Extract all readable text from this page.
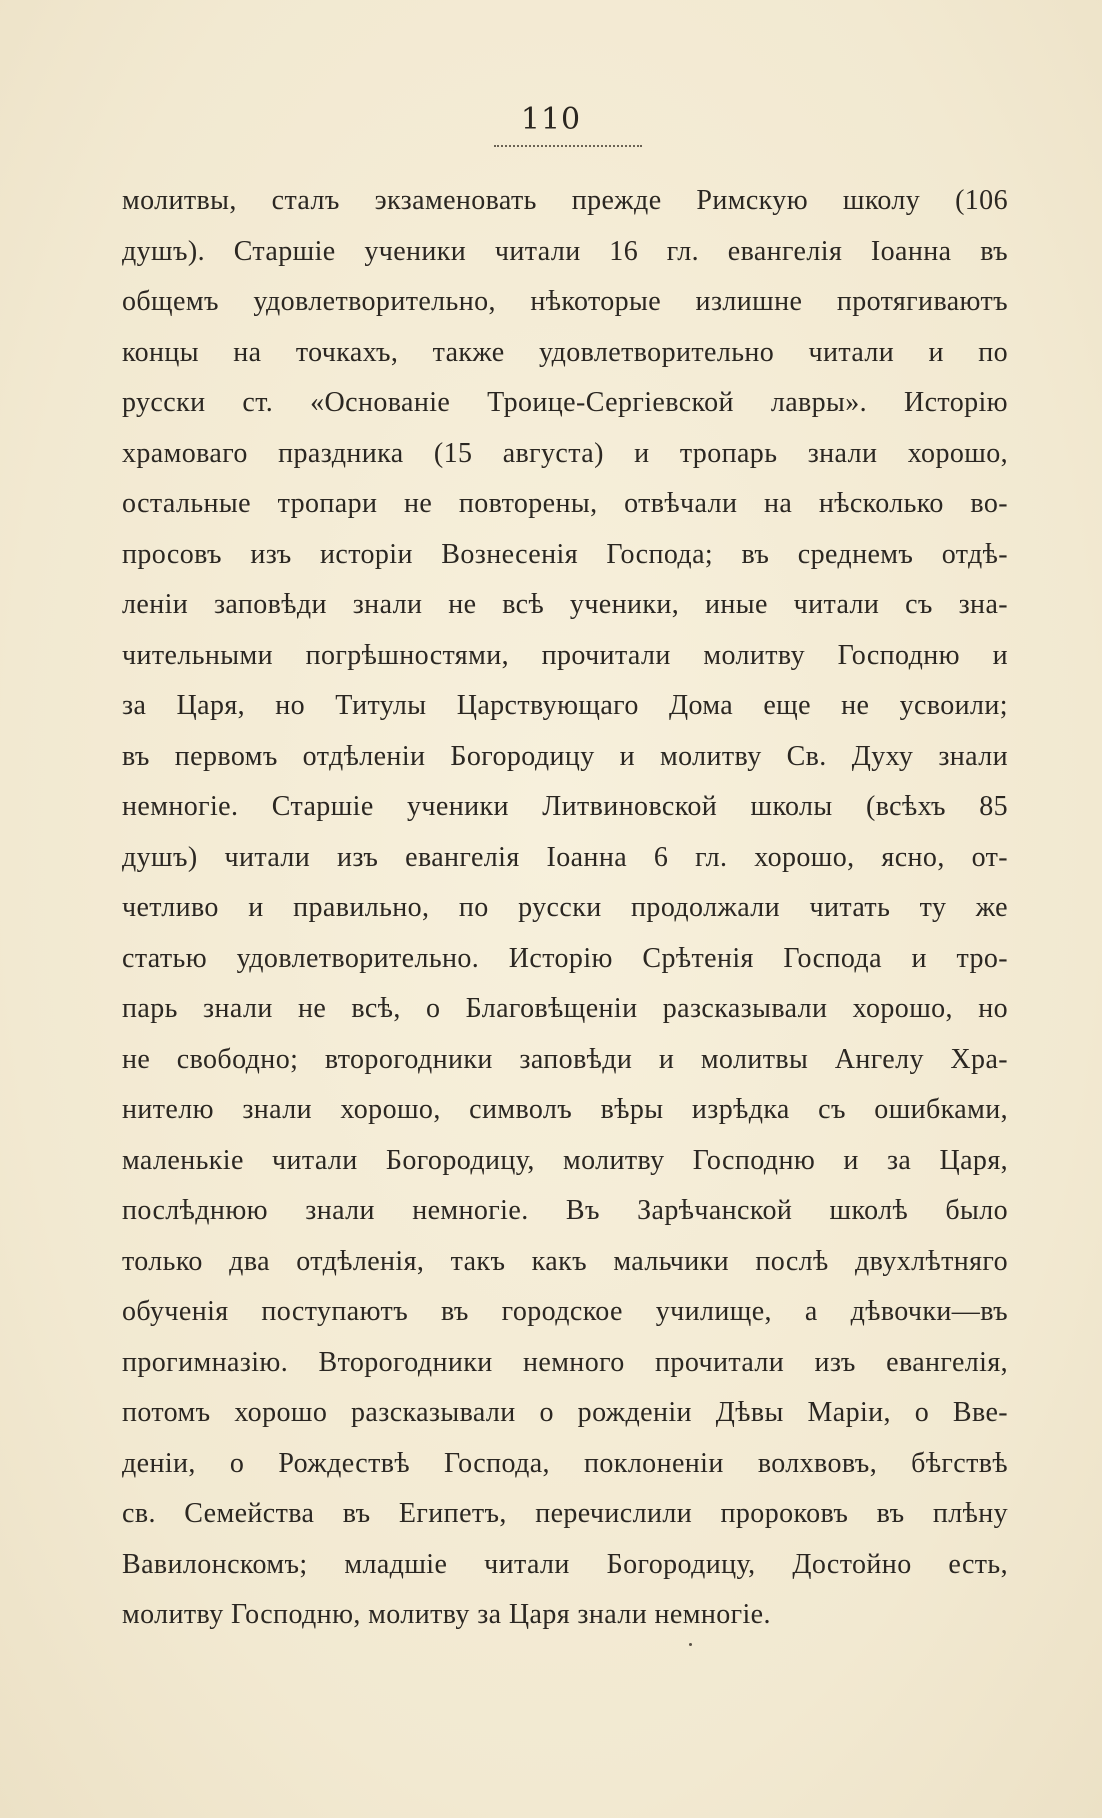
110
молитвы, сталъ экзаменовать прежде Римскую школу (106
душъ). Старшіе ученики читали 16 гл. евангелія Іоанна въ
общемъ удовлетворительно, нѣкоторые излишне протягиваютъ
концы на точкахъ, также удовлетворительно читали и по
русски ст. «Основаніе Троице-Сергіевской лавры». Исторію
храмоваго праздника (15 августа) и тропарь знали хорошо,
остальные тропари не повторены, отвѣчали на нѣсколько во-
просовъ изъ исторіи Вознесенія Господа; въ среднемъ отдѣ-
леніи заповѣди знали не всѣ ученики, иные читали съ зна-
чительными погрѣшностями, прочитали молитву Господню и
за Царя, но Титулы Царствующаго Дома еще не усвоили;
въ первомъ отдѣленіи Богородицу и молитву Св. Духу знали
немногіе. Старшіе ученики Литвиновской школы (всѣхъ 85
душъ) читали изъ евангелія Іоанна 6 гл. хорошо, ясно, от-
четливо и правильно, по русски продолжали читать ту же
статью удовлетворительно. Исторію Срѣтенія Господа и тро-
парь знали не всѣ, о Благовѣщеніи разсказывали хорошо, но
не свободно; второгодники заповѣди и молитвы Ангелу Хра-
нителю знали хорошо, символъ вѣры изрѣдка съ ошибками,
маленькіе читали Богородицу, молитву Господню и за Царя,
послѣднюю знали немногіе. Въ Зарѣчанской школѣ было
только два отдѣленія, такъ какъ мальчики послѣ двухлѣтняго
обученія поступаютъ въ городское училище, а дѣвочки—въ
прогимназію. Второгодники немного прочитали изъ евангелія,
потомъ хорошо разсказывали о рожденіи Дѣвы Маріи, о Вве-
деніи, о Рождествѣ Господа, поклоненіи волхвовъ, бѣгствѣ
св. Семейства въ Египетъ, перечислили пророковъ въ плѣну
Вавилонскомъ; младшіе читали Богородицу, Достойно есть,
молитву Господню, молитву за Царя знали немногіе.
